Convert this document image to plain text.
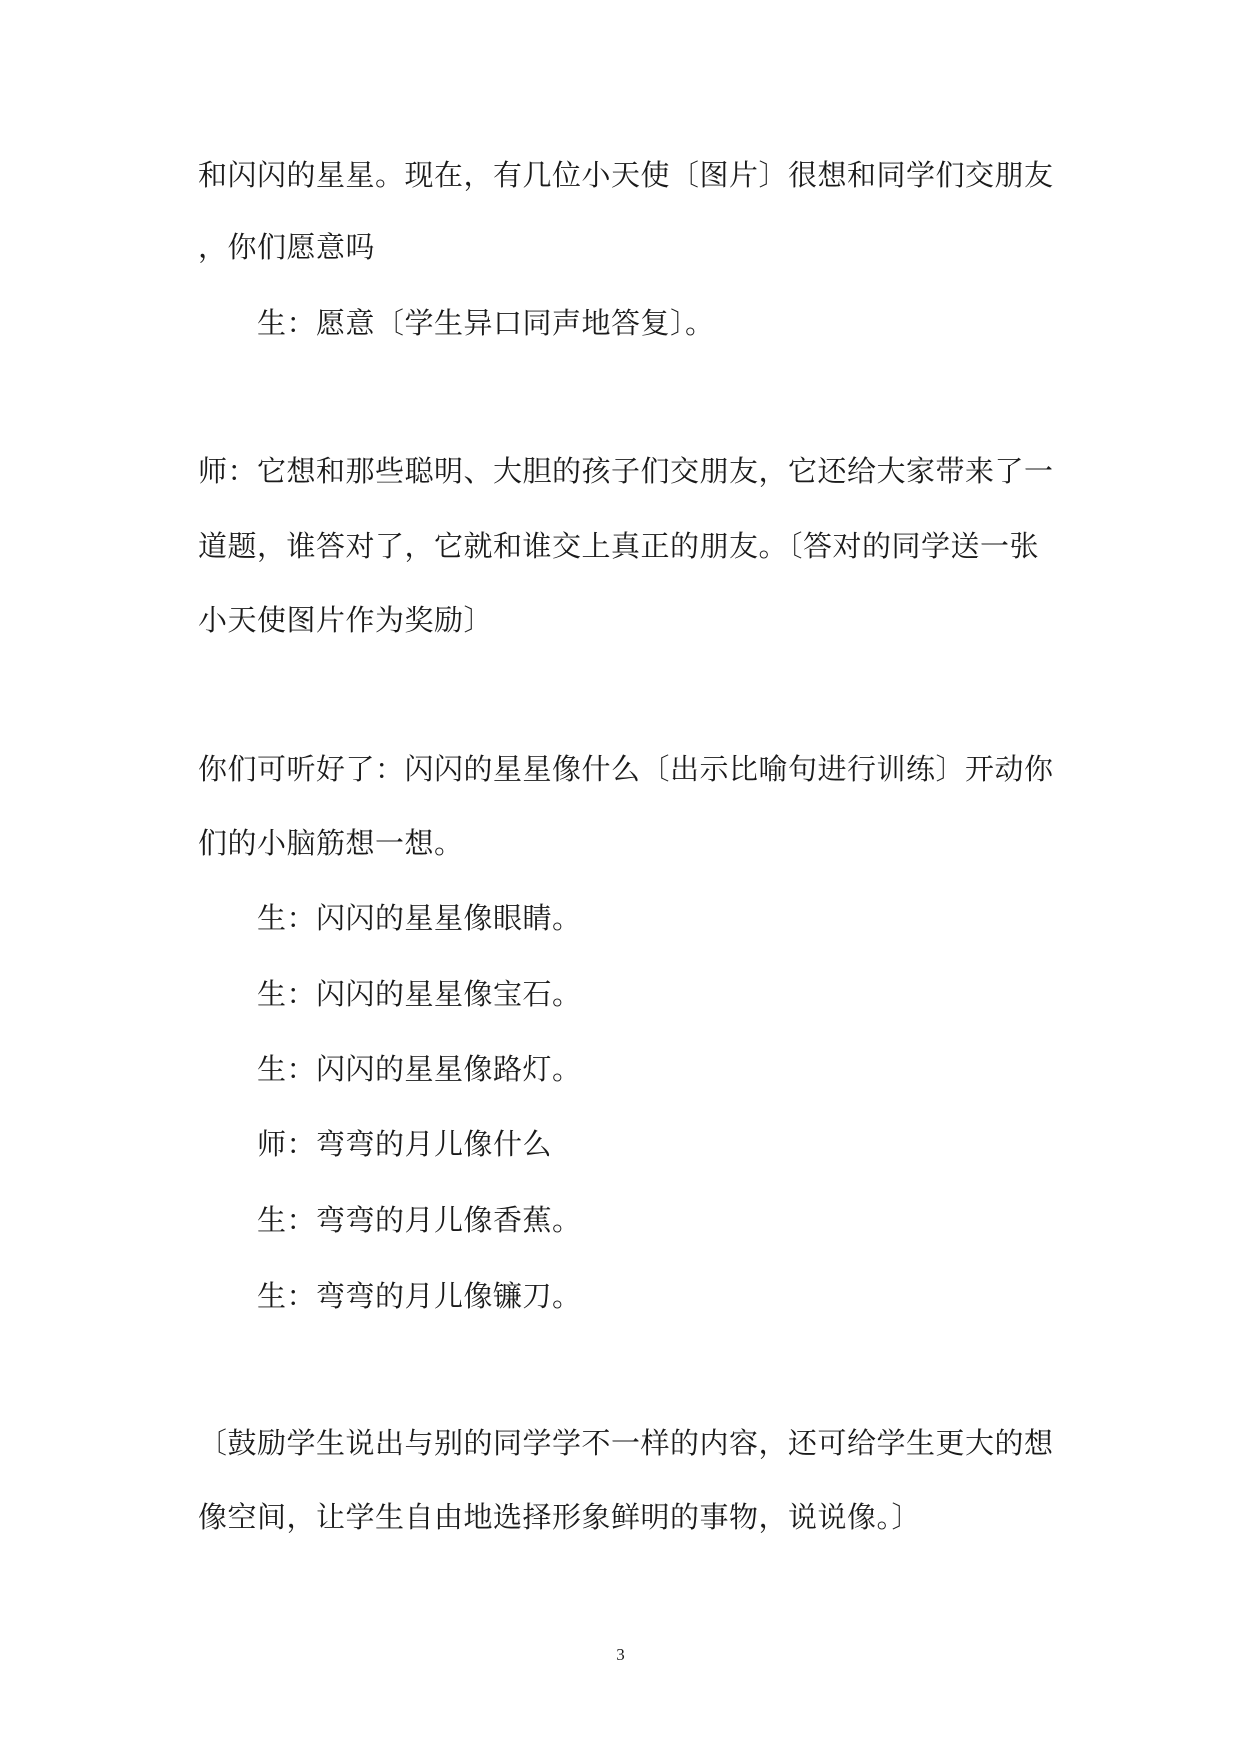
和闪闪的星星。现在，有几位小天使〔图片〕很想和同学们交朋友
，你们愿意吗
生：愿意〔学生异口同声地答复〕。
师：它想和那些聪明、大胆的孩子们交朋友，它还给大家带来了一
道题，谁答对了，它就和谁交上真正的朋友。〔答对的同学送一张
小天使图片作为奖励〕
你们可听好了：闪闪的星星像什么〔出示比喻句进行训练〕开动你
们的小脑筋想一想。
生：闪闪的星星像眼睛。
生：闪闪的星星像宝石。
生：闪闪的星星像路灯。
师：弯弯的月儿像什么
生：弯弯的月儿像香蕉。
生：弯弯的月儿像镰刀。
〔鼓励学生说出与别的同学学不一样的内容，还可给学生更大的想
像空间，让学生自由地选择形象鲜明的事物，说说像。〕
3
